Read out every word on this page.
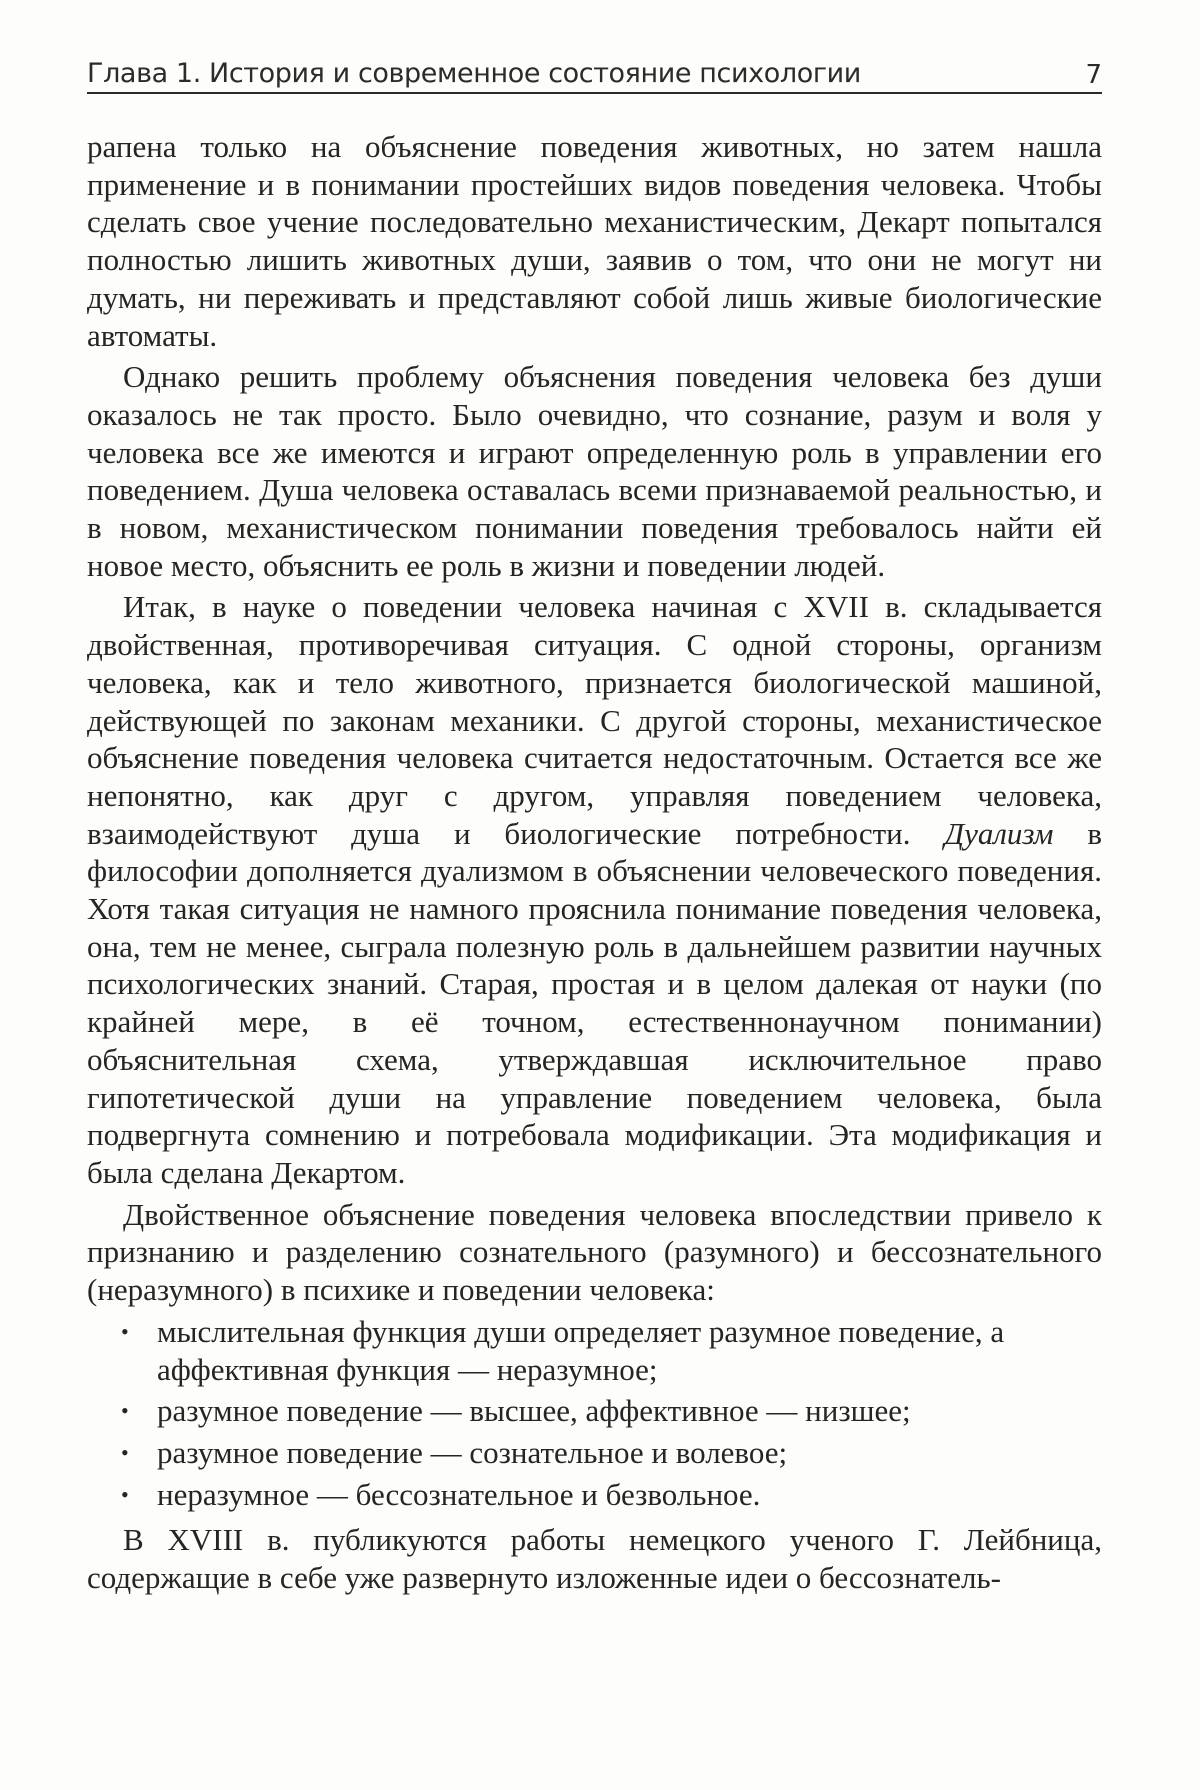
Глава 1. История и современное состояние психологии	7

рапена только на объяснение поведения животных, но затем нашла применение и в понимании простейших видов поведения человека. Чтобы сделать свое учение последовательно механистическим, Декарт попытался полностью лишить животных души, заявив о том, что они не могут ни думать, ни переживать и представляют собой лишь живые биологические автоматы.

Однако решить проблему объяснения поведения человека без души оказалось не так просто. Было очевидно, что сознание, разум и воля у человека все же имеются и играют определенную роль в управлении его поведением. Душа человека оставалась всеми признаваемой реальностью, и в новом, механистическом понимании поведения требовалось найти ей новое место, объяснить ее роль в жизни и поведении людей.

Итак, в науке о поведении человека начиная с XVII в. складывается двойственная, противоречивая ситуация. С одной стороны, организм человека, как и тело животного, признается биологической машиной, действующей по законам механики. С другой стороны, механистическое объяснение поведения человека считается недостаточным. Остается все же непонятно, как друг с другом, управляя поведением человека, взаимодействуют душа и биологические потребности. Дуализм в философии дополняется дуализмом в объяснении человеческого поведения. Хотя такая ситуация не намного прояснила понимание поведения человека, она, тем не менее, сыграла полезную роль в дальнейшем развитии научных психологических знаний. Старая, простая и в целом далекая от науки (по крайней мере, в её точном, естественнонаучном понимании) объяснительная схема, утверждавшая исключительное право гипотетической души на управление поведением человека, была подвергнута сомнению и потребовала модификации. Эта модификация и была сделана Декартом.

Двойственное объяснение поведения человека впоследствии привело к признанию и разделению сознательного (разумного) и бессознательного (неразумного) в психике и поведении человека:

• мыслительная функция души определяет разумное поведение, а аффективная функция — неразумное;
• разумное поведение — высшее, аффективное — низшее;
• разумное поведение — сознательное и волевое;
• неразумное — бессознательное и безвольное.

В XVIII в. публикуются работы немецкого ученого Г. Лейбница, содержащие в себе уже развернуто изложенные идеи о бессознатель-
